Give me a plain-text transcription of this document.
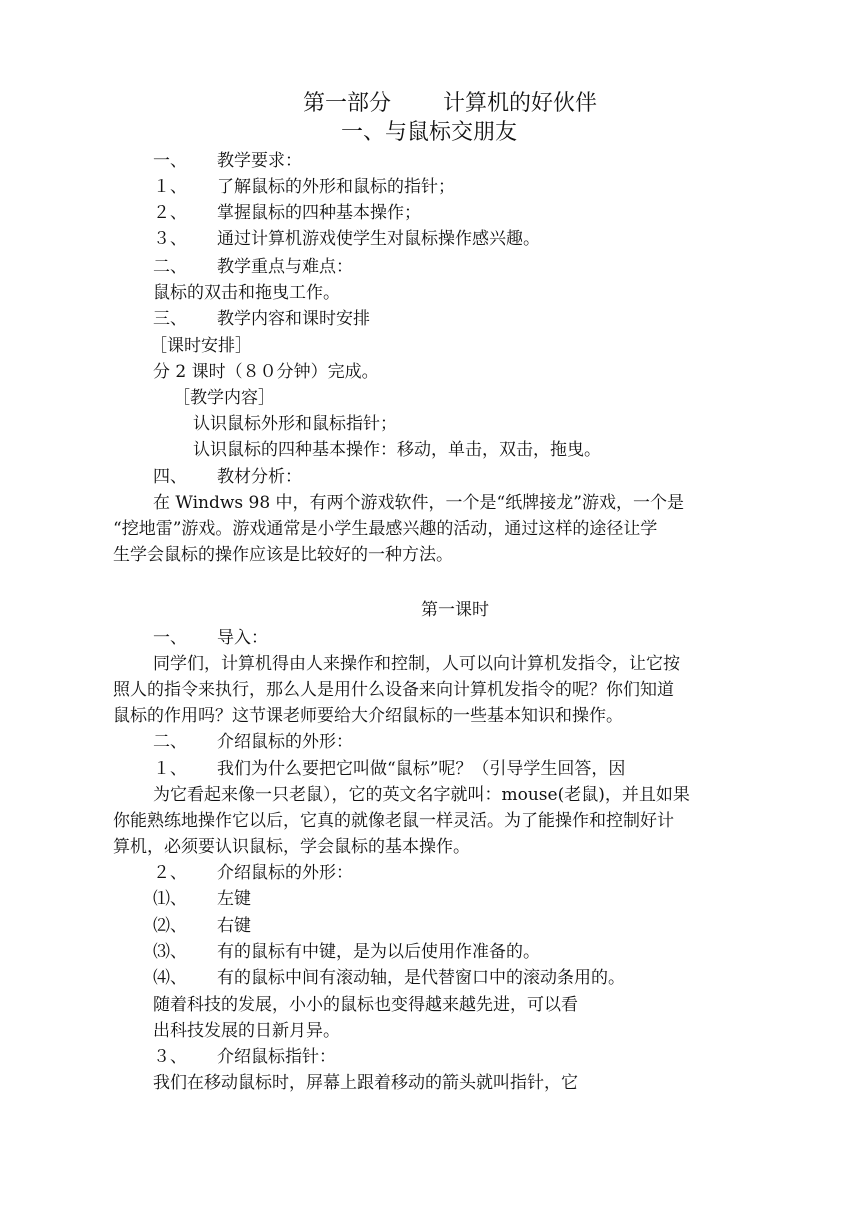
第一部分 计算机的好伙伴
一、与鼠标交朋友
一、 教学要求：
１、 了解鼠标的外形和鼠标的指针；
２、 掌握鼠标的四种基本操作；
３、 通过计算机游戏使学生对鼠标操作感兴趣。
二、 教学重点与难点：
鼠标的双击和拖曳工作。
三、 教学内容和课时安排
［课时安排］
分 2 课时（８０分钟）完成。
［教学内容］
认识鼠标外形和鼠标指针；
认识鼠标的四种基本操作：移动，单击，双击，拖曳。
四、 教材分析：
在 Windws 98 中，有两个游戏软件，一个是“纸牌接龙”游戏，一个是
“挖地雷”游戏。游戏通常是小学生最感兴趣的活动，通过这样的途径让学
生学会鼠标的操作应该是比较好的一种方法。
第一课时
一、 导入：
同学们，计算机得由人来操作和控制，人可以向计算机发指令，让它按
照人的指令来执行，那么人是用什么设备来向计算机发指令的呢？你们知道
鼠标的作用吗？这节课老师要给大介绍鼠标的一些基本知识和操作。
二、 介绍鼠标的外形：
１、 我们为什么要把它叫做“鼠标”呢？（引导学生回答，因
为它看起来像一只老鼠），它的英文名字就叫：mouse(老鼠)，并且如果
你能熟练地操作它以后，它真的就像老鼠一样灵活。为了能操作和控制好计
算机，必须要认识鼠标，学会鼠标的基本操作。
２、 介绍鼠标的外形：
⑴、 左键
⑵、 右键
⑶、 有的鼠标有中键，是为以后使用作准备的。
⑷、 有的鼠标中间有滚动轴，是代替窗口中的滚动条用的。
随着科技的发展，小小的鼠标也变得越来越先进，可以看
出科技发展的日新月异。
３、 介绍鼠标指针：
我们在移动鼠标时，屏幕上跟着移动的箭头就叫指针，它
